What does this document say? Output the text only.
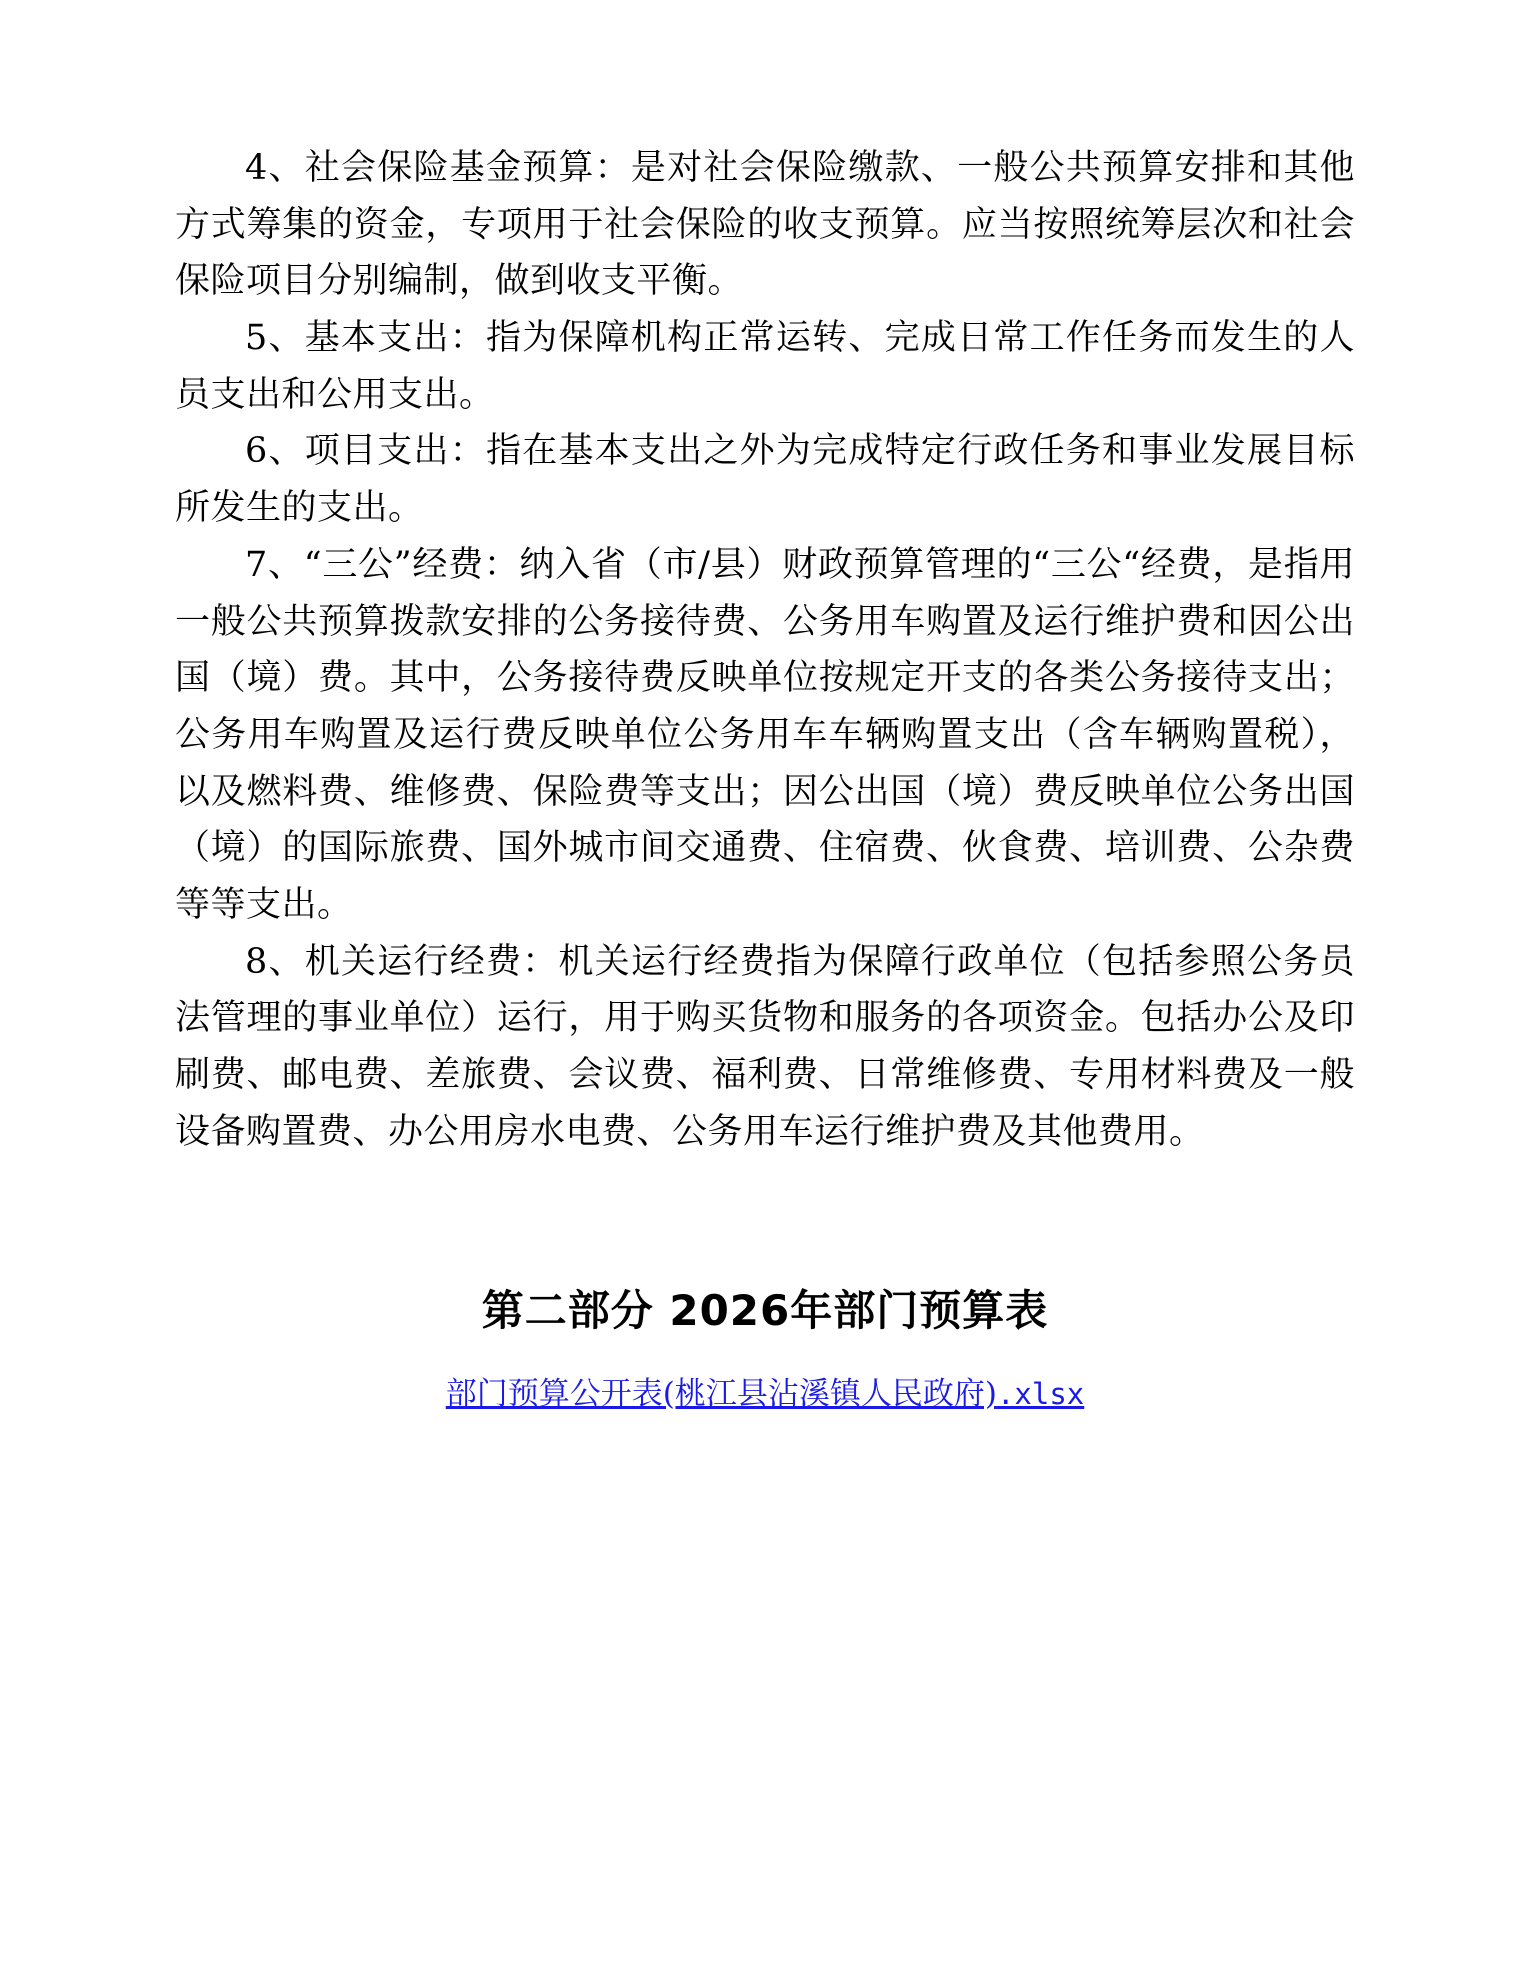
4、社会保险基金预算：是对社会保险缴款、一般公共预算安排和其他方式筹集的资金，专项用于社会保险的收支预算。应当按照统筹层次和社会保险项目分别编制，做到收支平衡。

5、基本支出：指为保障机构正常运转、完成日常工作任务而发生的人员支出和公用支出。

6、项目支出：指在基本支出之外为完成特定行政任务和事业发展目标所发生的支出。

7、“三公”经费：纳入省（市/县）财政预算管理的“三公“经费，是指用一般公共预算拨款安排的公务接待费、公务用车购置及运行维护费和因公出国（境）费。其中，公务接待费反映单位按规定开支的各类公务接待支出；公务用车购置及运行费反映单位公务用车车辆购置支出（含车辆购置税），以及燃料费、维修费、保险费等支出；因公出国（境）费反映单位公务出国（境）的国际旅费、国外城市间交通费、住宿费、伙食费、培训费、公杂费等等支出。

8、机关运行经费：机关运行经费指为保障行政单位（包括参照公务员法管理的事业单位）运行，用于购买货物和服务的各项资金。包括办公及印刷费、邮电费、差旅费、会议费、福利费、日常维修费、专用材料费及一般设备购置费、办公用房水电费、公务用车运行维护费及其他费用。

第二部分 2026年部门预算表
部门预算公开表(桃江县沾溪镇人民政府).xlsx
